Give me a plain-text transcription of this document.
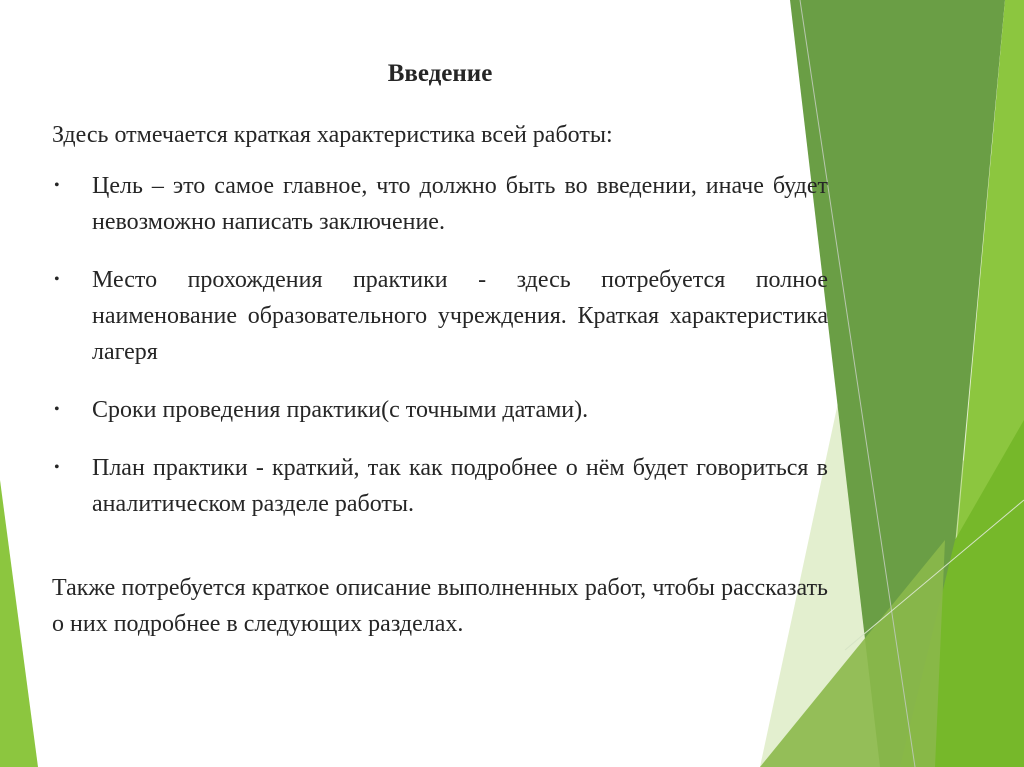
Введение
Здесь отмечается краткая характеристика всей работы:
• Цель – это самое главное, что должно быть во введении, иначе будет невозможно написать заключение.
• Место прохождения практики - здесь потребуется полное наименование образовательного учреждения. Краткая характеристика лагеря
• Сроки проведения практики(с точными датами).
• План практики - краткий, так как подробнее о нём будет говориться в аналитическом разделе работы.
Также потребуется краткое описание выполненных работ, чтобы рассказать о них подробнее в следующих разделах.
